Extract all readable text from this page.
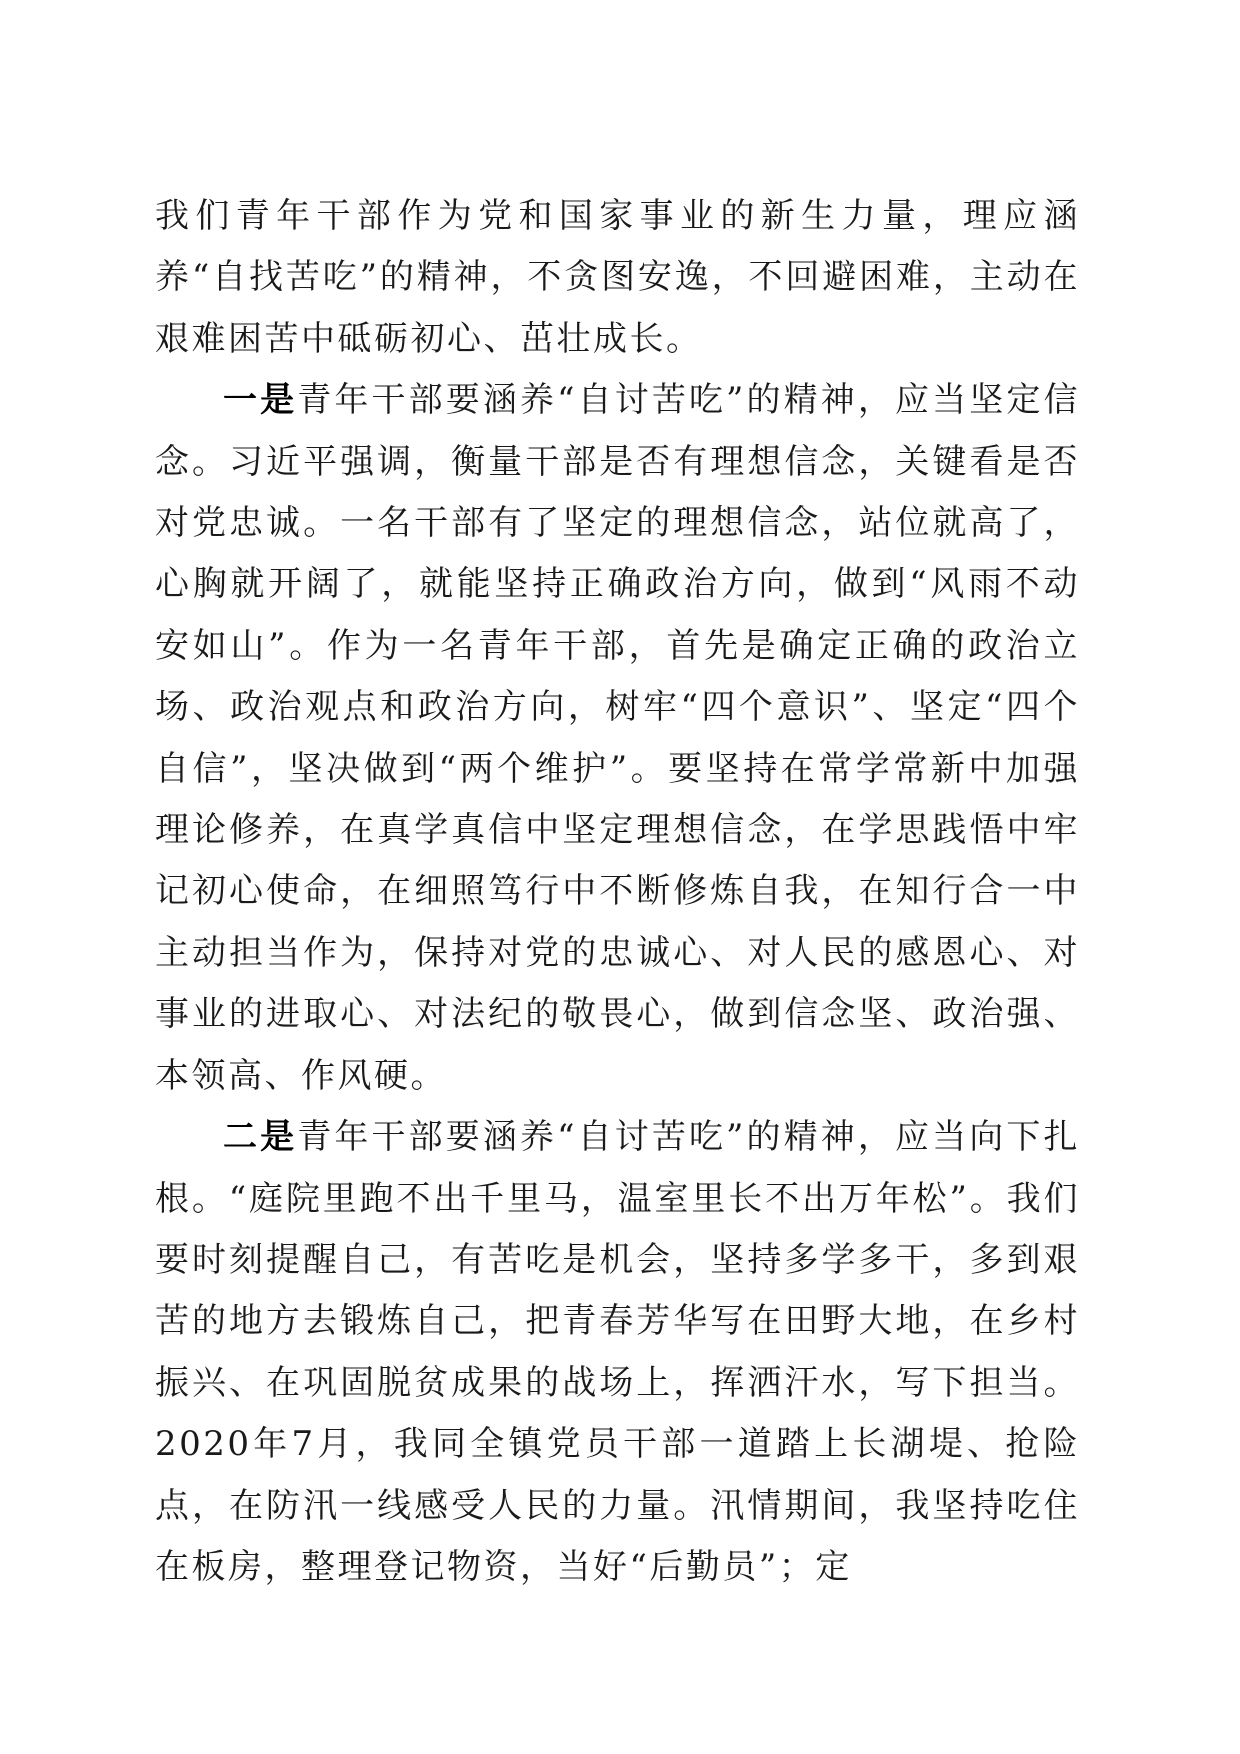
我们青年干部作为党和国家事业的新生力量，理应涵养“自找苦吃”的精神，不贪图安逸，不回避困难，主动在艰难困苦中砥砺初心、茁壮成长。

一是青年干部要涵养“自讨苦吃”的精神，应当坚定信念。习近平强调，衡量干部是否有理想信念，关键看是否对党忠诚。一名干部有了坚定的理想信念，站位就高了，心胸就开阔了，就能坚持正确政治方向，做到“风雨不动安如山”。作为一名青年干部，首先是确定正确的政治立场、政治观点和政治方向，树牢“四个意识”、坚定“四个自信”，坚决做到“两个维护”。要坚持在常学常新中加强理论修养，在真学真信中坚定理想信念，在学思践悟中牢记初心使命，在细照笃行中不断修炼自我，在知行合一中主动担当作为，保持对党的忠诚心、对人民的感恩心、对事业的进取心、对法纪的敬畏心，做到信念坚、政治强、本领高、作风硬。

二是青年干部要涵养“自讨苦吃”的精神，应当向下扎根。“庭院里跑不出千里马，温室里长不出万年松”。我们要时刻提醒自己，有苦吃是机会，坚持多学多干，多到艰苦的地方去锻炼自己，把青春芳华写在田野大地，在乡村振兴、在巩固脱贫成果的战场上，挥洒汗水，写下担当。2020年7月，我同全镇党员干部一道踏上长湖堤、抢险点，在防汛一线感受人民的力量。汛情期间，我坚持吃住在板房，整理登记物资，当好“后勤员”；定
